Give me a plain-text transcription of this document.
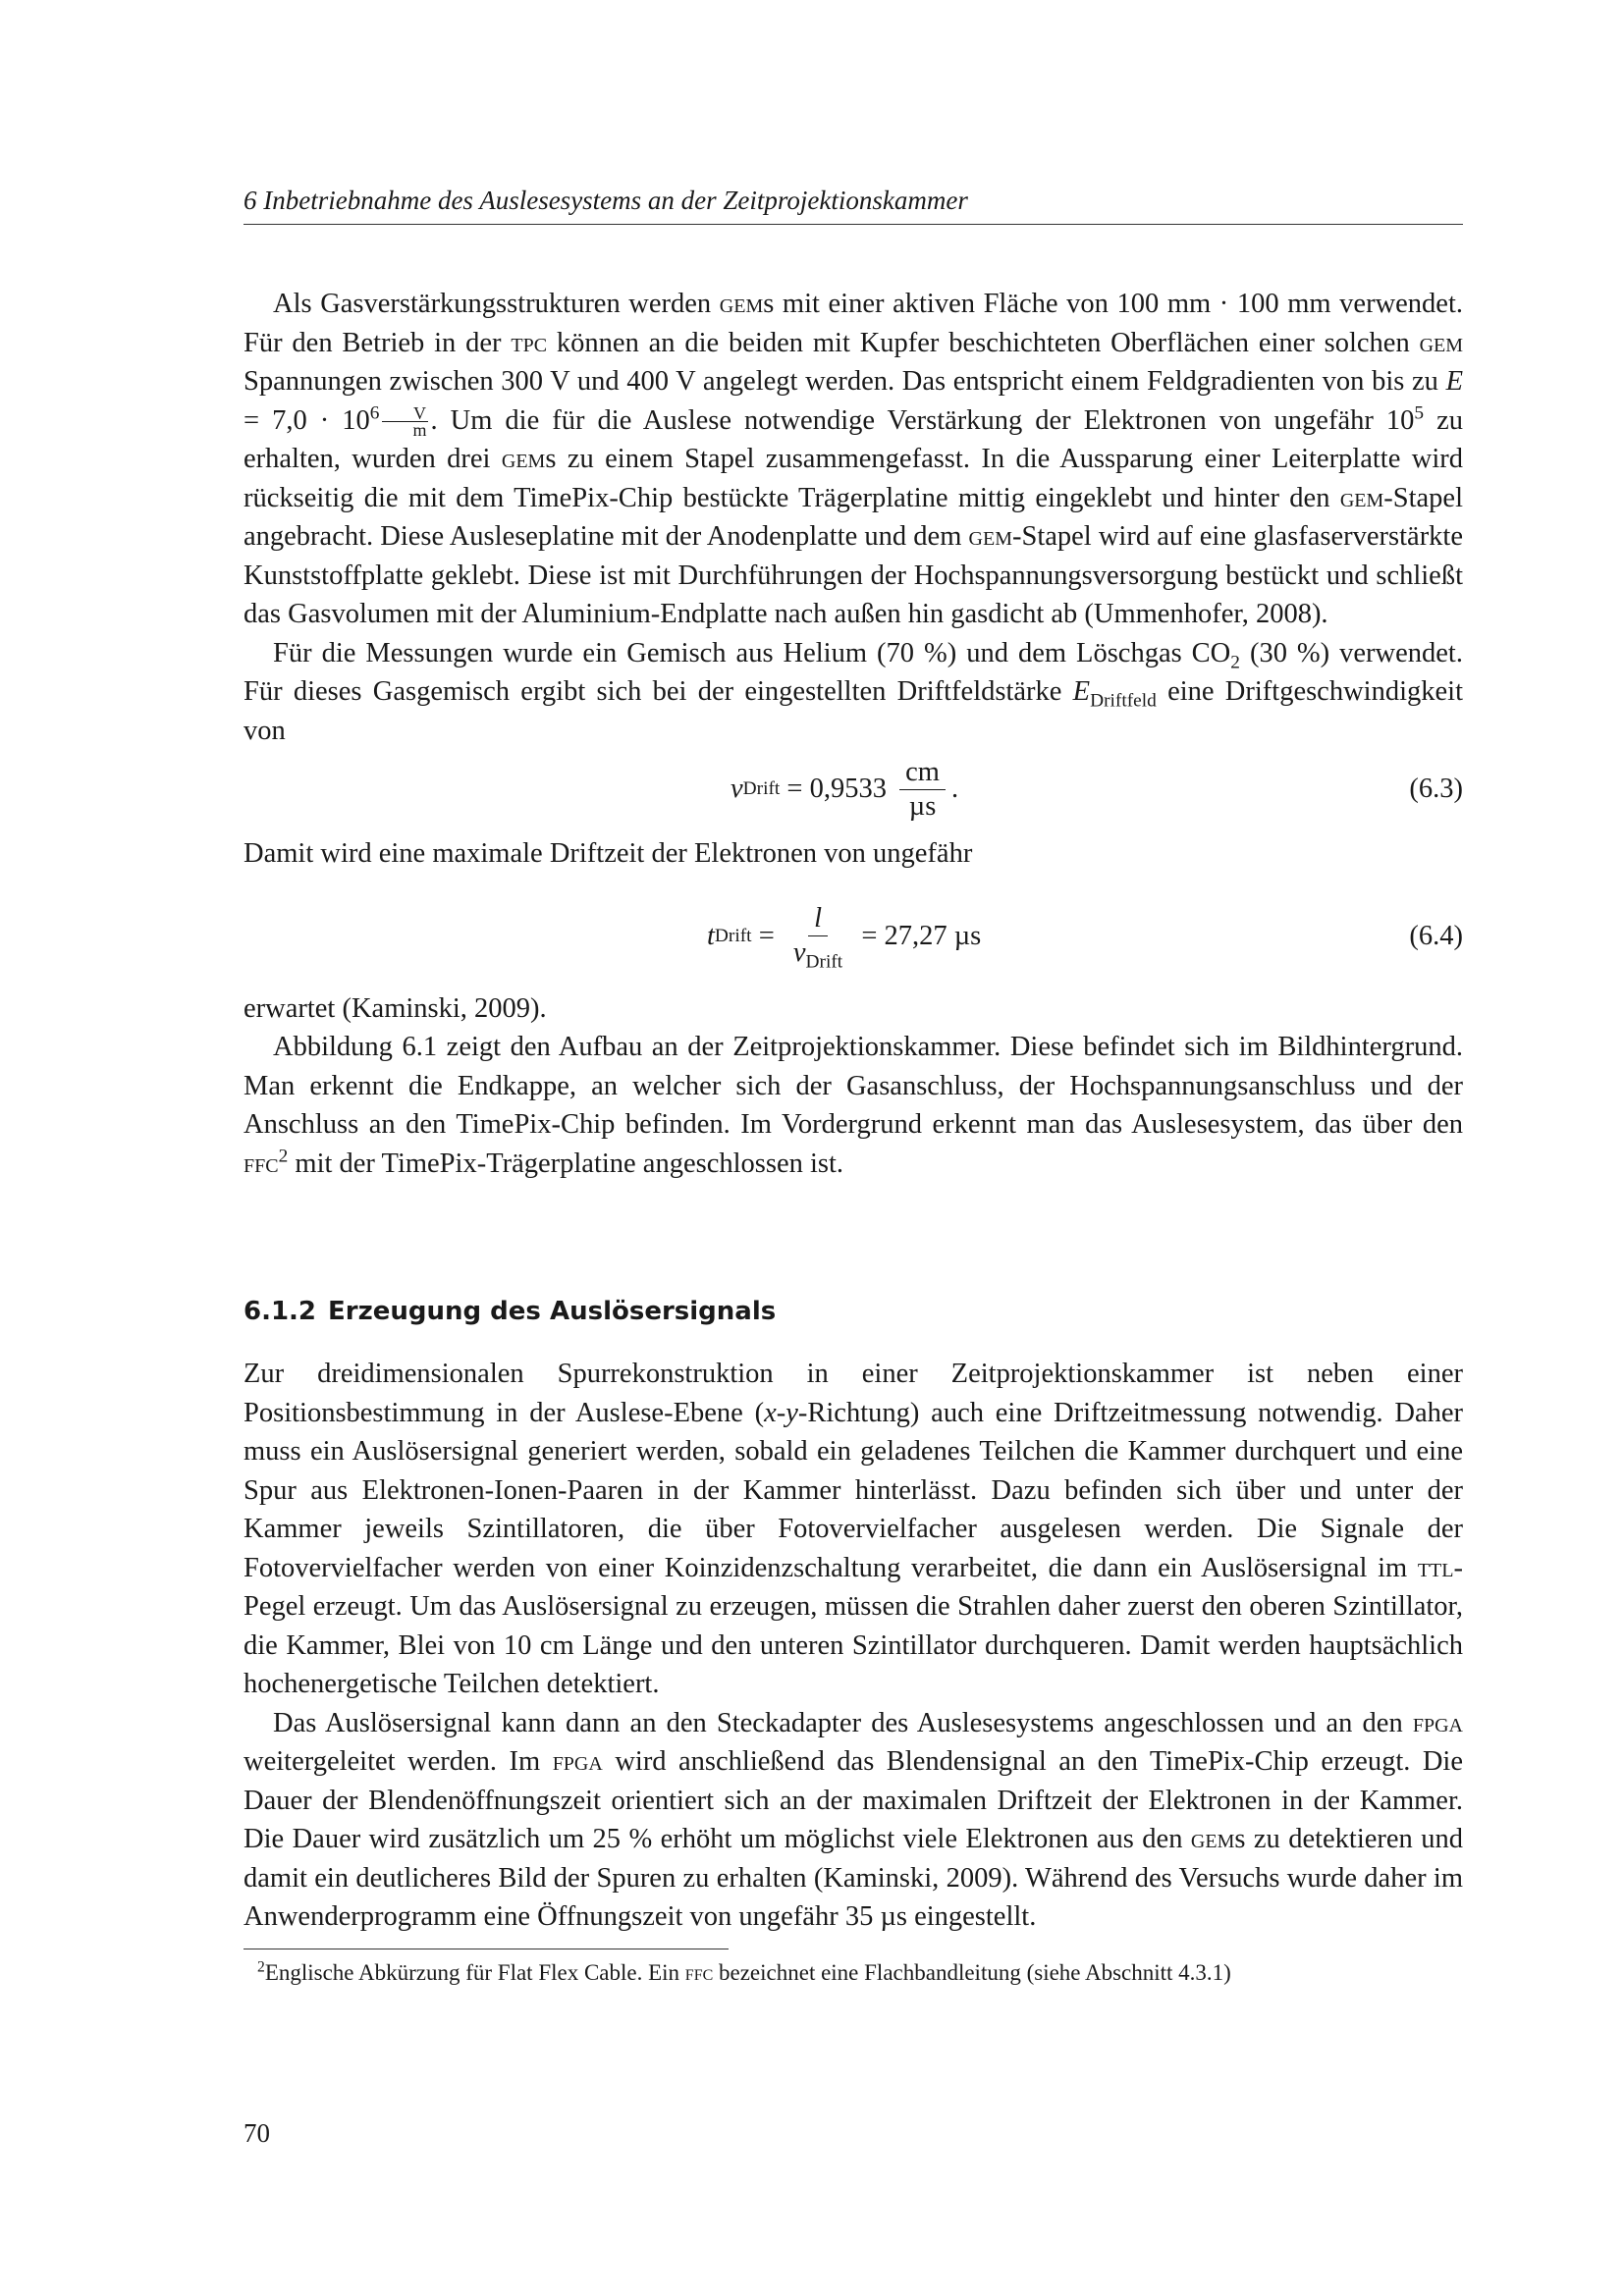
6 Inbetriebnahme des Auslesesystems an der Zeitprojektionskammer

Als Gasverstärkungsstrukturen werden gems mit einer aktiven Fläche von 100 mm · 100 mm verwendet. Für den Betrieb in der tpc können an die beiden mit Kupfer beschichteten Oberflächen einer solchen gem Spannungen zwischen 300 V und 400 V angelegt werden. Das entspricht einem Feldgradienten von bis zu $E = 7,0 \cdot 10^6 \frac{V}{m}$ . Um die für die Auslese notwendige Verstärkung der Elektronen von ungefähr $10^5$ zu erhalten, wurden drei gems zu einem Stapel zusammengefasst. In die Aussparung einer Leiterplatte wird rückseitig die mit dem TimePix-Chip bestückte Trägerplatine mittig eingeklebt und hinter den gem-Stapel angebracht. Diese Ausleseplatine mit der Anodenplatte und dem gem-Stapel wird auf eine glasfaserverstärkte Kunststoffplatte geklebt. Diese ist mit Durchführungen der Hochspannungsversorgung bestückt und schließt das Gasvolumen mit der Aluminium-Endplatte nach außen hin gasdicht ab (Ummenhofer, 2008).

Für die Messungen wurde ein Gemisch aus Helium (70 %) und dem Löschgas $CO_2$ (30 %) verwendet. Für dieses Gasgemisch ergibt sich bei der eingestellten Driftfeldstärke $E_{Driftfeld}$ eine Driftgeschwindigkeit von

v Drift = $0,9533 \frac{cm}{\text{µs}}$ .	(6.3)

Damit wird eine maximale Driftzeit der Elektronen von ungefähr

t Drift = $\frac{l}{v_{Drift}} = 27,27$ µs	(6.4)

erwartet (Kaminski, 2009).

Abbildung 6.1 zeigt den Aufbau an der Zeitprojektionskammer. Diese befindet sich im Bildhintergrund. Man erkennt die Endkappe, an welcher sich der Gasanschluss, der Hochspannungsanschluss und der Anschluss an den TimePix-Chip befinden. Im Vordergrund erkennt man das Auslesesystem, das über den ffc$^2$ mit der TimePix-Trägerplatine angeschlossen ist.

6.1.2 Erzeugung des Auslösersignals

Zur dreidimensionalen Spurrekonstruktion in einer Zeitprojektionskammer ist neben einer Positionsbestimmung in der Auslese-Ebene (x-y-Richtung) auch eine Driftzeitmessung notwendig. Daher muss ein Auslösersignal generiert werden, sobald ein geladenes Teilchen die Kammer durchquert und eine Spur aus Elektronen-Ionen-Paaren in der Kammer hinterlässt. Dazu befinden sich über und unter der Kammer jeweils Szintillatoren, die über Fotovervielfacher ausgelesen werden. Die Signale der Fotovervielfacher werden von einer Koinzidenzschaltung verarbeitet, die dann ein Auslösersignal im ttl-Pegel erzeugt. Um das Auslösersignal zu erzeugen, müssen die Strahlen daher zuerst den oberen Szintillator, die Kammer, Blei von 10 cm Länge und den unteren Szintillator durchqueren. Damit werden hauptsächlich hochenergetische Teilchen detektiert.

Das Auslösersignal kann dann an den Steckadapter des Auslesesystems angeschlossen und an den fpga weitergeleitet werden. Im fpga wird anschließend das Blendensignal an den TimePix-Chip erzeugt. Die Dauer der Blendenöffnungszeit orientiert sich an der maximalen Driftzeit der Elektronen in der Kammer. Die Dauer wird zusätzlich um 25 % erhöht um möglichst viele Elektronen aus den gems zu detektieren und damit ein deutlicheres Bild der Spuren zu erhalten (Kaminski, 2009). Während des Versuchs wurde daher im Anwenderprogramm eine Öffnungszeit von ungefähr 35 µs eingestellt.

$^2$Englische Abkürzung für Flat Flex Cable. Ein ffc bezeichnet eine Flachbandleitung (siehe Abschnitt 4.3.1)
70
